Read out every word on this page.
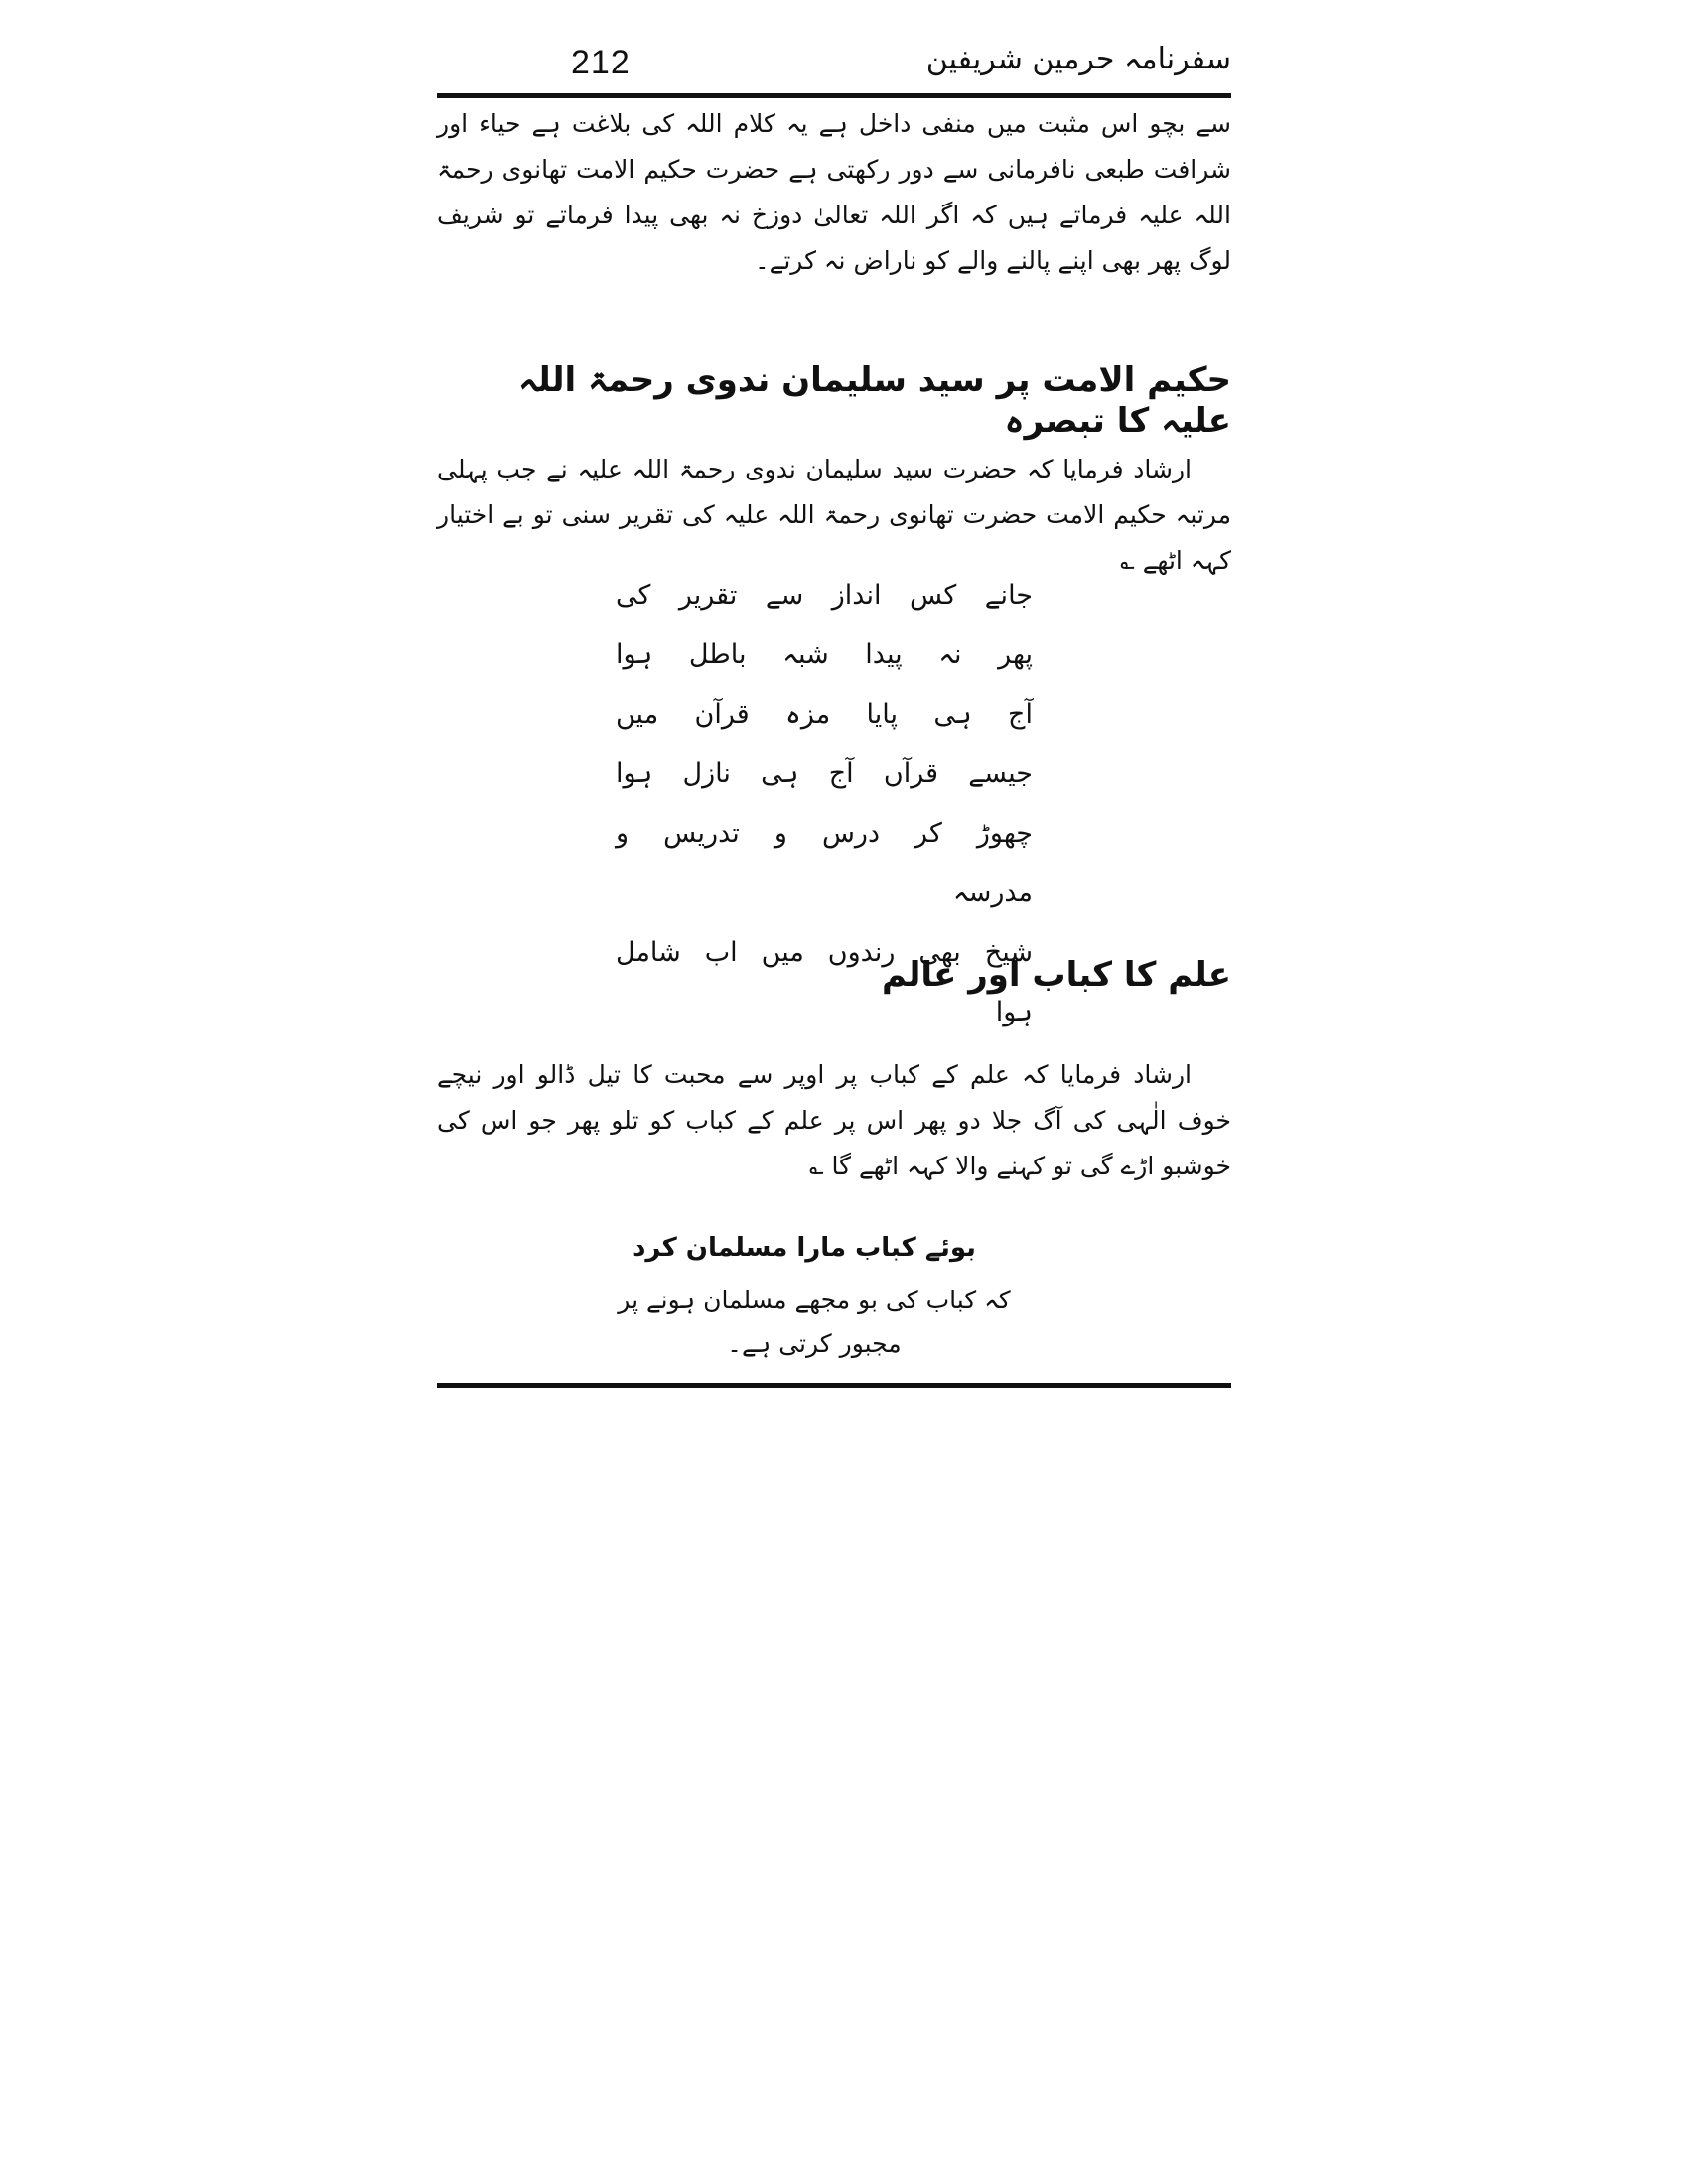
212	سفرنامہ حرمین شریفین

سے بچو اس مثبت میں منفی داخل ہے یہ کلام اللہ کی بلاغت ہے حیاء اور شرافت طبعی نافرمانی سے دور رکھتی ہے حضرت حکیم الامت تھانوی رحمۃ اللہ علیہ فرماتے ہیں کہ اگر اللہ تعالیٰ دوزخ نہ بھی پیدا فرماتے تو شریف لوگ پھر بھی اپنے پالنے والے کو ناراض نہ کرتے۔

حکیم الامت پر سید سلیمان ندوی رحمۃ اللہ علیہ کا تبصرہ

ارشاد فرمایا کہ حضرت سید سلیمان ندوی رحمۃ اللہ علیہ نے جب پہلی مرتبہ حکیم الامت حضرت تھانوی رحمۃ اللہ علیہ کی تقریر سنی تو بے اختیار کہہ اٹھے ؎

جانے کس انداز سے تقریر کی
پھر نہ پیدا شبہ باطل ہوا
آج ہی پایا مزہ قرآن میں
جیسے قرآں آج ہی نازل ہوا
چھوڑ کر درس و تدریس و مدرسہ
شیخ بھی رندوں میں اب شامل ہوا
علم کا کباب اور عالم

ارشاد فرمایا کہ علم کے کباب پر اوپر سے محبت کا تیل ڈالو اور نیچے خوف الٰہی کی آگ جلا دو پھر اس پر علم کے کباب کو تلو پھر جو اس کی خوشبو اڑے گی تو کہنے والا کہہ اٹھے گا ؎

بوئے کباب مارا مسلمان کرد
کہ کباب کی بو مجھے مسلمان ہونے پر مجبور کرتی ہے۔
